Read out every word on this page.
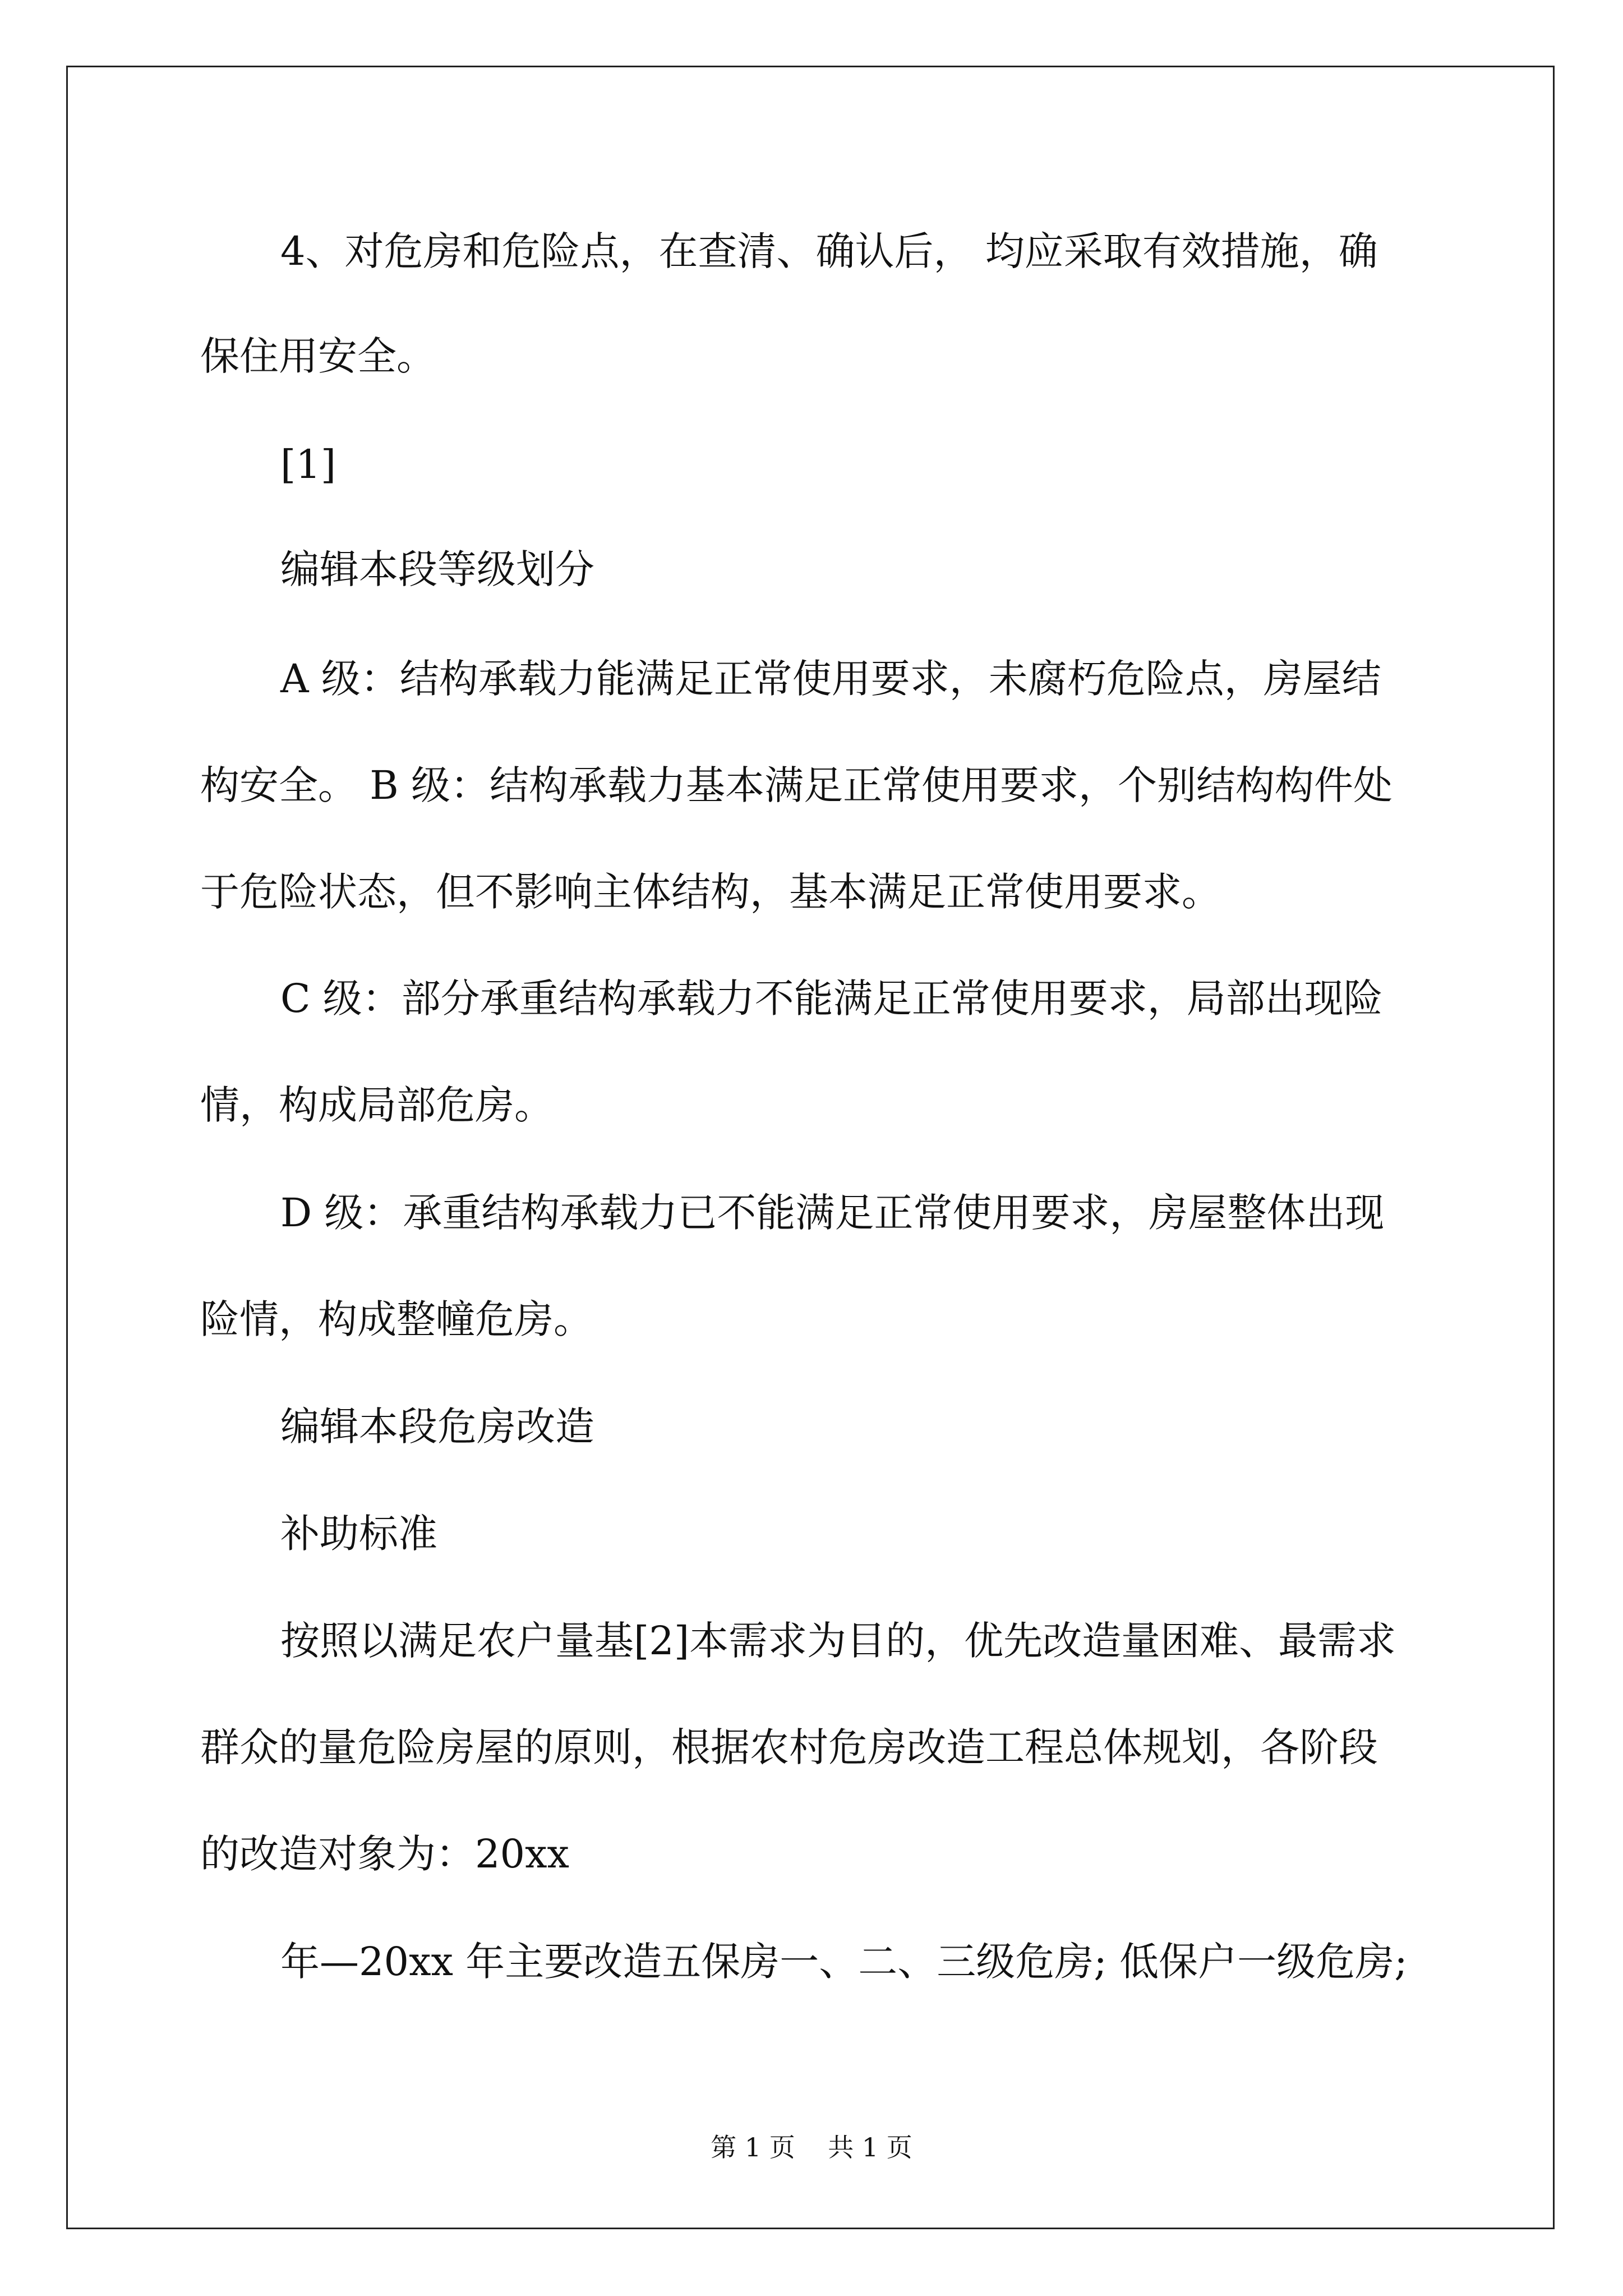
4、对危房和危险点，在查清、确认后， 均应采取有效措施，确
保住用安全。
[1]
编辑本段等级划分
A 级：结构承载力能满足正常使用要求，未腐朽危险点，房屋结
构安全。 B 级：结构承载力基本满足正常使用要求，个别结构构件处
于危险状态，但不影响主体结构，基本满足正常使用要求。
C 级：部分承重结构承载力不能满足正常使用要求，局部出现险
情，构成局部危房。
D 级：承重结构承载力已不能满足正常使用要求，房屋整体出现
险情，构成整幢危房。
编辑本段危房改造
补助标准
按照以满足农户量基[2]本需求为目的，优先改造量困难、最需求
群众的量危险房屋的原则，根据农村危房改造工程总体规划，各阶段
的改造对象为：20xx
年—20xx 年主要改造五保房一、二、三级危房; 低保户一级危房;
第 1 页    共 1 页
